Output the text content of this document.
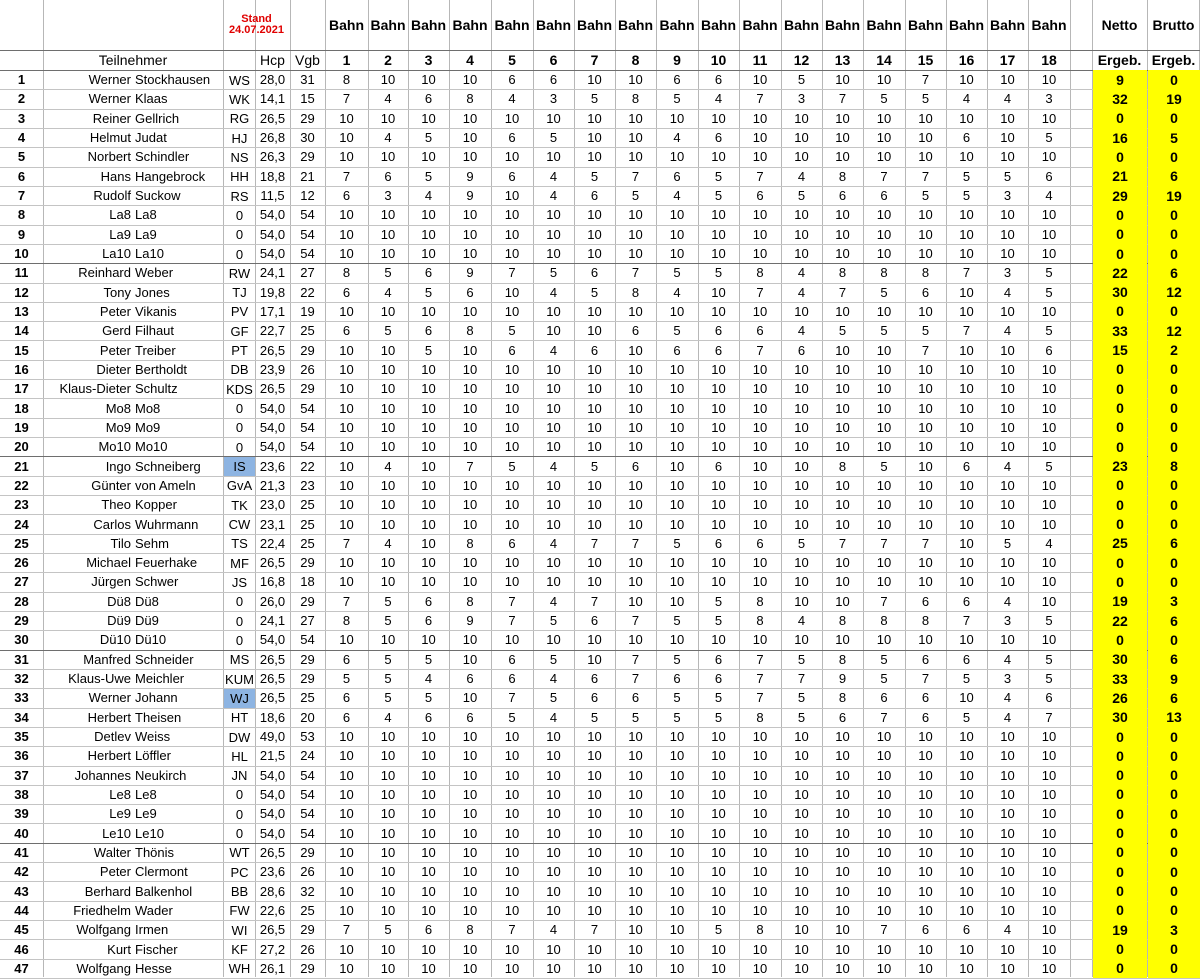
Stand
24.07.2021	Bahn Bahn Bahn Bahn Bahn Bahn Bahn Bahn Bahn Bahn Bahn Bahn Bahn Bahn Bahn Bahn Bahn Bahn	Netto	Brutto
Teilnehmer	Hcp Vgb	1	2	3	4	5	6	7	8	9	10	11	12	13	14	15	16	17	18	Ergeb. Ergeb.
1	Werner Stockhausen	WS 28,0	31	8	10	10	10	6	6	10	10	6	6	10	5	10	10	7	10	10	10	9	0
2	Werner Klaas	WK 14,1	15	7	4	6	8	4	3	5	8	5	4	7	3	7	5	5	4	4	3	32	19
3	Reiner Gellrich	RG 26,5	29	10	10	10	10	10	10	10	10	10	10	10	10	10	10	10	10	10	10	0	0
4	Helmut Judat	HJ 26,8	30	10	4	5	10	6	5	10	10	4	6	10	10	10	10	10	6	10	5	16	5
5	Norbert Schindler	NS 26,3	29	10	10	10	10	10	10	10	10	10	10	10	10	10	10	10	10	10	10	0	0
6	Hans Hangebrock	HH 18,8	21	7	6	5	9	6	4	5	7	6	5	7	4	8	7	7	5	5	6	21	6
7	Rudolf Suckow	RS 11,5	12	6	3	4	9	10	4	6	5	4	5	6	5	6	6	5	5	3	4	29	19
8	La8 La8	0	54,0	54	10	10	10	10	10	10	10	10	10	10	10	10	10	10	10	10	10	10	0	0
9	La9 La9	0	54,0	54	10	10	10	10	10	10	10	10	10	10	10	10	10	10	10	10	10	10	0	0
10	La10 La10	0	54,0	54	10	10	10	10	10	10	10	10	10	10	10	10	10	10	10	10	10	10	0	0
11	Reinhard Weber	RW 24,1	27	8	5	6	9	7	5	6	7	5	5	8	4	8	8	8	7	3	5	22	6
12	Tony Jones	TJ	19,8	22	6	4	5	6	10	4	5	8	4	10	7	4	7	5	6	10	4	5	30	12
13	Peter Vikanis	PV 17,1	19	10	10	10	10	10	10	10	10	10	10	10	10	10	10	10	10	10	10	0	0
14	Gerd Filhaut	GF 22,7	25	6	5	6	8	5	10	10	6	5	6	6	4	5	5	5	7	4	5	33	12
15	Peter Treiber	PT 26,5	29	10	10	5	10	6	4	6	10	6	6	7	6	10	10	7	10	10	6	15	2
16	Dieter Bertholdt	DB 23,9	26	10	10	10	10	10	10	10	10	10	10	10	10	10	10	10	10	10	10	0	0
17	Klaus-Dieter Schultz	KDS 26,5	29	10	10	10	10	10	10	10	10	10	10	10	10	10	10	10	10	10	10	0	0
18	Mo8 Mo8	0	54,0	54	10	10	10	10	10	10	10	10	10	10	10	10	10	10	10	10	10	10	0	0
19	Mo9 Mo9	0	54,0	54	10	10	10	10	10	10	10	10	10	10	10	10	10	10	10	10	10	10	0	0
20	Mo10 Mo10	0	54,0	54	10	10	10	10	10	10	10	10	10	10	10	10	10	10	10	10	10	10	0	0
21	Ingo Schneiberg	IS	23,6	22	10	4	10	7	5	4	5	6	10	6	10	10	8	5	10	6	4	5	23	8
22	Günter von Ameln	GvA 21,3	23	10	10	10	10	10	10	10	10	10	10	10	10	10	10	10	10	10	10	0	0
23	Theo Kopper	TK 23,0	25	10	10	10	10	10	10	10	10	10	10	10	10	10	10	10	10	10	10	0	0
24	Carlos Wuhrmann	CW 23,1	25	10	10	10	10	10	10	10	10	10	10	10	10	10	10	10	10	10	10	0	0
25	Tilo Sehm	TS 22,4	25	7	4	10	8	6	4	7	7	5	6	6	5	7	7	7	10	5	4	25	6
26	Michael Feuerhake	MF 26,5	29	10	10	10	10	10	10	10	10	10	10	10	10	10	10	10	10	10	10	0	0
27	Jürgen Schwer	JS 16,8	18	10	10	10	10	10	10	10	10	10	10	10	10	10	10	10	10	10	10	0	0
28	Dü8 Dü8	0	26,0	29	7	5	6	8	7	4	7	10	10	5	8	10	10	7	6	6	4	10	19	3
29	Dü9 Dü9	0	24,1	27	8	5	6	9	7	5	6	7	5	5	8	4	8	8	8	7	3	5	22	6
30	Dü10 Dü10	0	54,0	54	10	10	10	10	10	10	10	10	10	10	10	10	10	10	10	10	10	10	0	0
31	Manfred Schneider	MS 26,5	29	6	5	5	10	6	5	10	7	5	6	7	5	8	5	6	6	4	5	30	6
32	Klaus-Uwe Meichler	KUM 26,5	29	5	5	4	6	6	4	6	7	6	6	7	7	9	5	7	5	3	5	33	9
33	Werner Johann	WJ 26,5	25	6	5	5	10	7	5	6	6	5	5	7	5	8	6	6	10	4	6	26	6
34	Herbert Theisen	HT 18,6	20	6	4	6	6	5	4	5	5	5	5	8	5	6	7	6	5	4	7	30	13
35	Detlev Weiss	DW 49,0	53	10	10	10	10	10	10	10	10	10	10	10	10	10	10	10	10	10	10	0	0
36	Herbert Löffler	HL 21,5	24	10	10	10	10	10	10	10	10	10	10	10	10	10	10	10	10	10	10	0	0
37	Johannes Neukirch	JN 54,0	54	10	10	10	10	10	10	10	10	10	10	10	10	10	10	10	10	10	10	0	0
38	Le8 Le8	0	54,0	54	10	10	10	10	10	10	10	10	10	10	10	10	10	10	10	10	10	10	0	0
39	Le9 Le9	0	54,0	54	10	10	10	10	10	10	10	10	10	10	10	10	10	10	10	10	10	10	0	0
40	Le10 Le10	0	54,0	54	10	10	10	10	10	10	10	10	10	10	10	10	10	10	10	10	10	10	0	0
41	Walter Thönis	WT 26,5	29	10	10	10	10	10	10	10	10	10	10	10	10	10	10	10	10	10	10	0	0
42	Peter Clermont	PC 23,6	26	10	10	10	10	10	10	10	10	10	10	10	10	10	10	10	10	10	10	0	0
43	Berhard Balkenhol	BB 28,6	32	10	10	10	10	10	10	10	10	10	10	10	10	10	10	10	10	10	10	0	0
44	Friedhelm Wader	FW 22,6	25	10	10	10	10	10	10	10	10	10	10	10	10	10	10	10	10	10	10	0	0
45	Wolfgang Irmen	WI 26,5	29	7	5	6	8	7	4	7	10	10	5	8	10	10	7	6	6	4	10	19	3
46	Kurt Fischer	KF 27,2	26	10	10	10	10	10	10	10	10	10	10	10	10	10	10	10	10	10	10	0	0
47	Wolfgang Hesse	WH 26,1	29	10	10	10	10	10	10	10	10	10	10	10	10	10	10	10	10	10	10	0	0
